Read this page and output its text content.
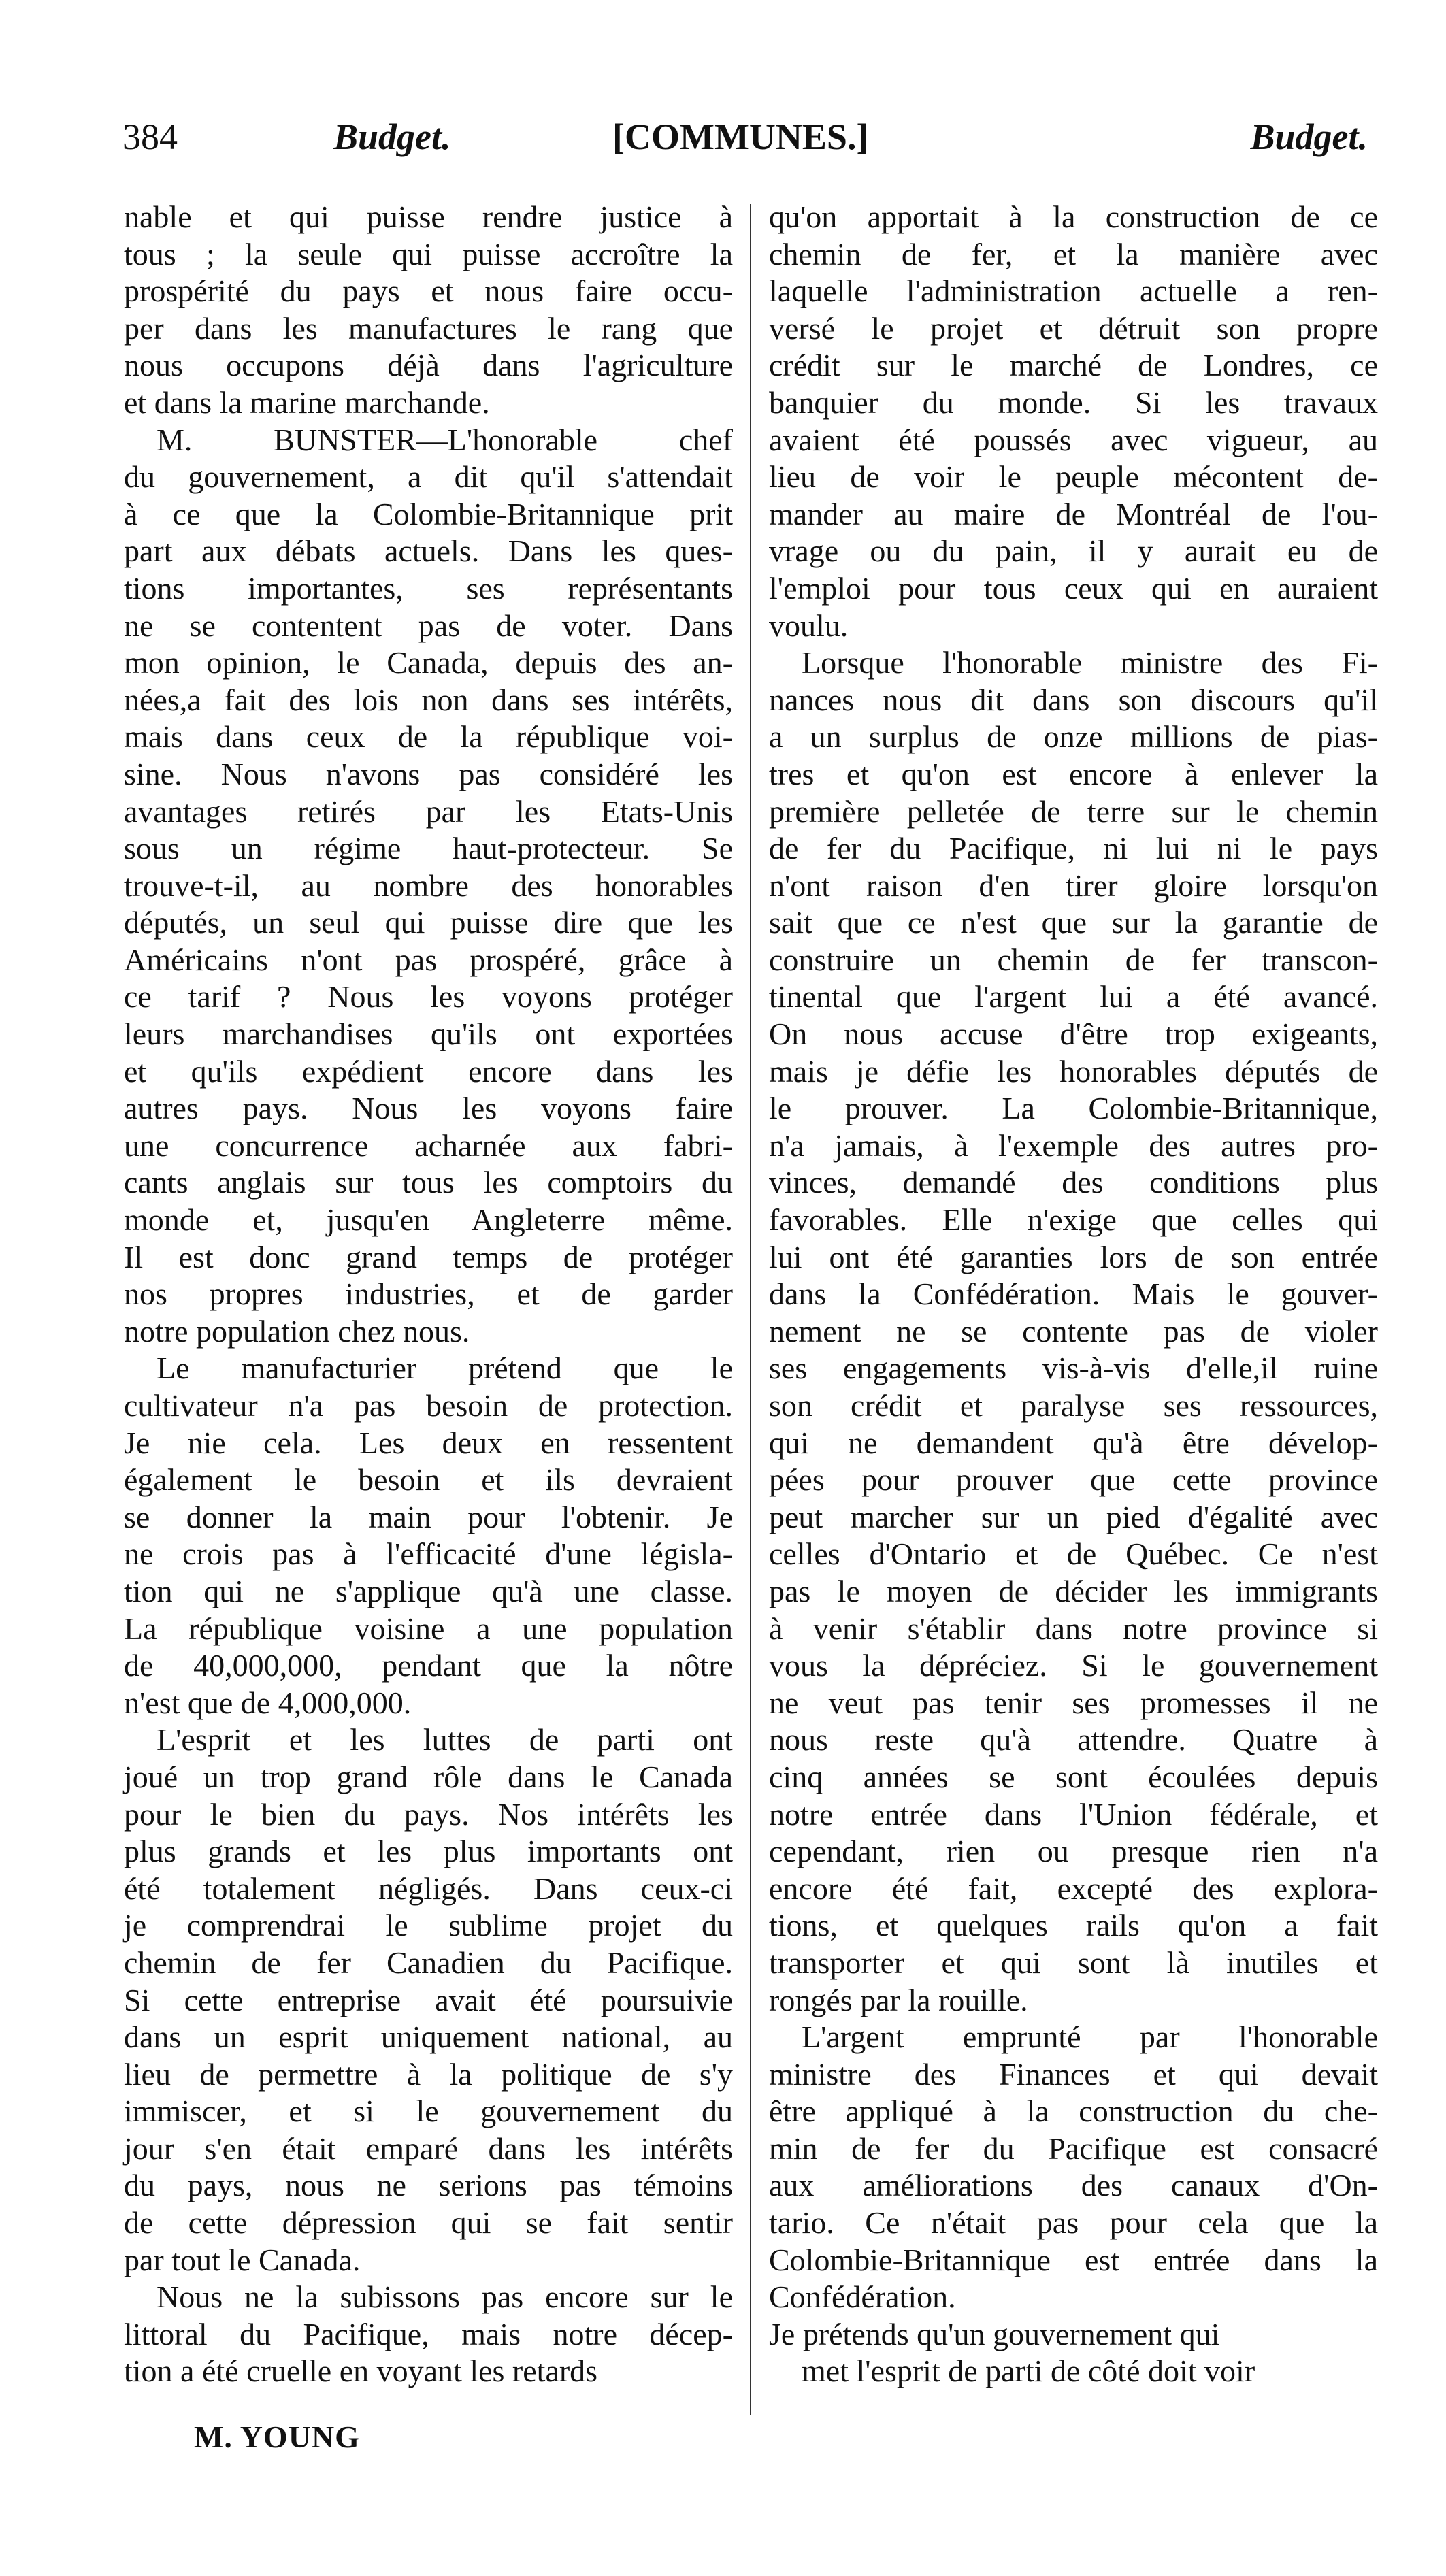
384	Budget.	[COMMUNES.]	Budget.
nable et qui puisse rendre justice à
tous ; la seule qui puisse accroître la
prospérité du pays et nous faire occu-
per dans les manufactures le rang que
nous occupons déjà dans l'agriculture
et dans la marine marchande.
M. BUNSTER—L'honorable chef
du gouvernement, a dit qu'il s'attendait
à ce que la Colombie-Britannique prit
part aux débats actuels. Dans les ques-
tions importantes, ses représentants
ne se contentent pas de voter. Dans
mon opinion, le Canada, depuis des an-
nées,a fait des lois non dans ses intérêts,
mais dans ceux de la république voi-
sine. Nous n'avons pas considéré les
avantages retirés par les Etats-Unis
sous un régime haut-protecteur. Se
trouve-t-il, au nombre des honorables
députés, un seul qui puisse dire que les
Américains n'ont pas prospéré, grâce à
ce tarif ? Nous les voyons protéger
leurs marchandises qu'ils ont exportées
et qu'ils expédient encore dans les
autres pays. Nous les voyons faire
une concurrence acharnée aux fabri-
cants anglais sur tous les comptoirs du
monde et, jusqu'en Angleterre même.
Il est donc grand temps de protéger
nos propres industries, et de garder
notre population chez nous.
Le manufacturier prétend que le
cultivateur n'a pas besoin de protection.
Je nie cela. Les deux en ressentent
également le besoin et ils devraient
se donner la main pour l'obtenir. Je
ne crois pas à l'efficacité d'une législa-
tion qui ne s'applique qu'à une classe.
La république voisine a une population
de 40,000,000, pendant que la nôtre
n'est que de 4,000,000.
L'esprit et les luttes de parti ont
joué un trop grand rôle dans le Canada
pour le bien du pays. Nos intérêts les
plus grands et les plus importants ont
été totalement négligés. Dans ceux-ci
je comprendrai le sublime projet du
chemin de fer Canadien du Pacifique.
Si cette entreprise avait été poursuivie
dans un esprit uniquement national, au
lieu de permettre à la politique de s'y
immiscer, et si le gouvernement du
jour s'en était emparé dans les intérêts
du pays, nous ne serions pas témoins
de cette dépression qui se fait sentir
par tout le Canada.
Nous ne la subissons pas encore sur le
littoral du Pacifique, mais notre décep-
tion a été cruelle en voyant les retards
qu'on apportait à la construction de ce
chemin de fer, et la manière avec
laquelle l'administration actuelle a ren-
versé le projet et détruit son propre
crédit sur le marché de Londres, ce
banquier du monde. Si les travaux
avaient été poussés avec vigueur, au
lieu de voir le peuple mécontent de-
mander au maire de Montréal de l'ou-
vrage ou du pain, il y aurait eu de
l'emploi pour tous ceux qui en auraient
voulu.
Lorsque l'honorable ministre des Fi-
nances nous dit dans son discours qu'il
a un surplus de onze millions de pias-
tres et qu'on est encore à enlever la
première pelletée de terre sur le chemin
de fer du Pacifique, ni lui ni le pays
n'ont raison d'en tirer gloire lorsqu'on
sait que ce n'est que sur la garantie de
construire un chemin de fer transcon-
tinental que l'argent lui a été avancé.
On nous accuse d'être trop exigeants,
mais je défie les honorables députés de
le prouver. La Colombie-Britannique,
n'a jamais, à l'exemple des autres pro-
vinces, demandé des conditions plus
favorables. Elle n'exige que celles qui
lui ont été garanties lors de son entrée
dans la Confédération. Mais le gouver-
nement ne se contente pas de violer
ses engagements vis-à-vis d'elle,il ruine
son crédit et paralyse ses ressources,
qui ne demandent qu'à être dévelop-
pées pour prouver que cette province
peut marcher sur un pied d'égalité avec
celles d'Ontario et de Québec. Ce n'est
pas le moyen de décider les immigrants
à venir s'établir dans notre province si
vous la dépréciez. Si le gouvernement
ne veut pas tenir ses promesses il ne
nous reste qu'à attendre. Quatre à
cinq années se sont écoulées depuis
notre entrée dans l'Union fédérale, et
cependant, rien ou presque rien n'a
encore été fait, excepté des explora-
tions, et quelques rails qu'on a fait
transporter et qui sont là inutiles et
rongés par la rouille.
L'argent emprunté par l'honorable
ministre des Finances et qui devait
être appliqué à la construction du che-
min de fer du Pacifique est consacré
aux améliorations des canaux d'On-
tario. Ce n'était pas pour cela que la
Colombie-Britannique est entrée dans la
Confédération.
Je prétends qu'un gouvernement qui
met l'esprit de parti de côté doit voir
M. YOUNG
